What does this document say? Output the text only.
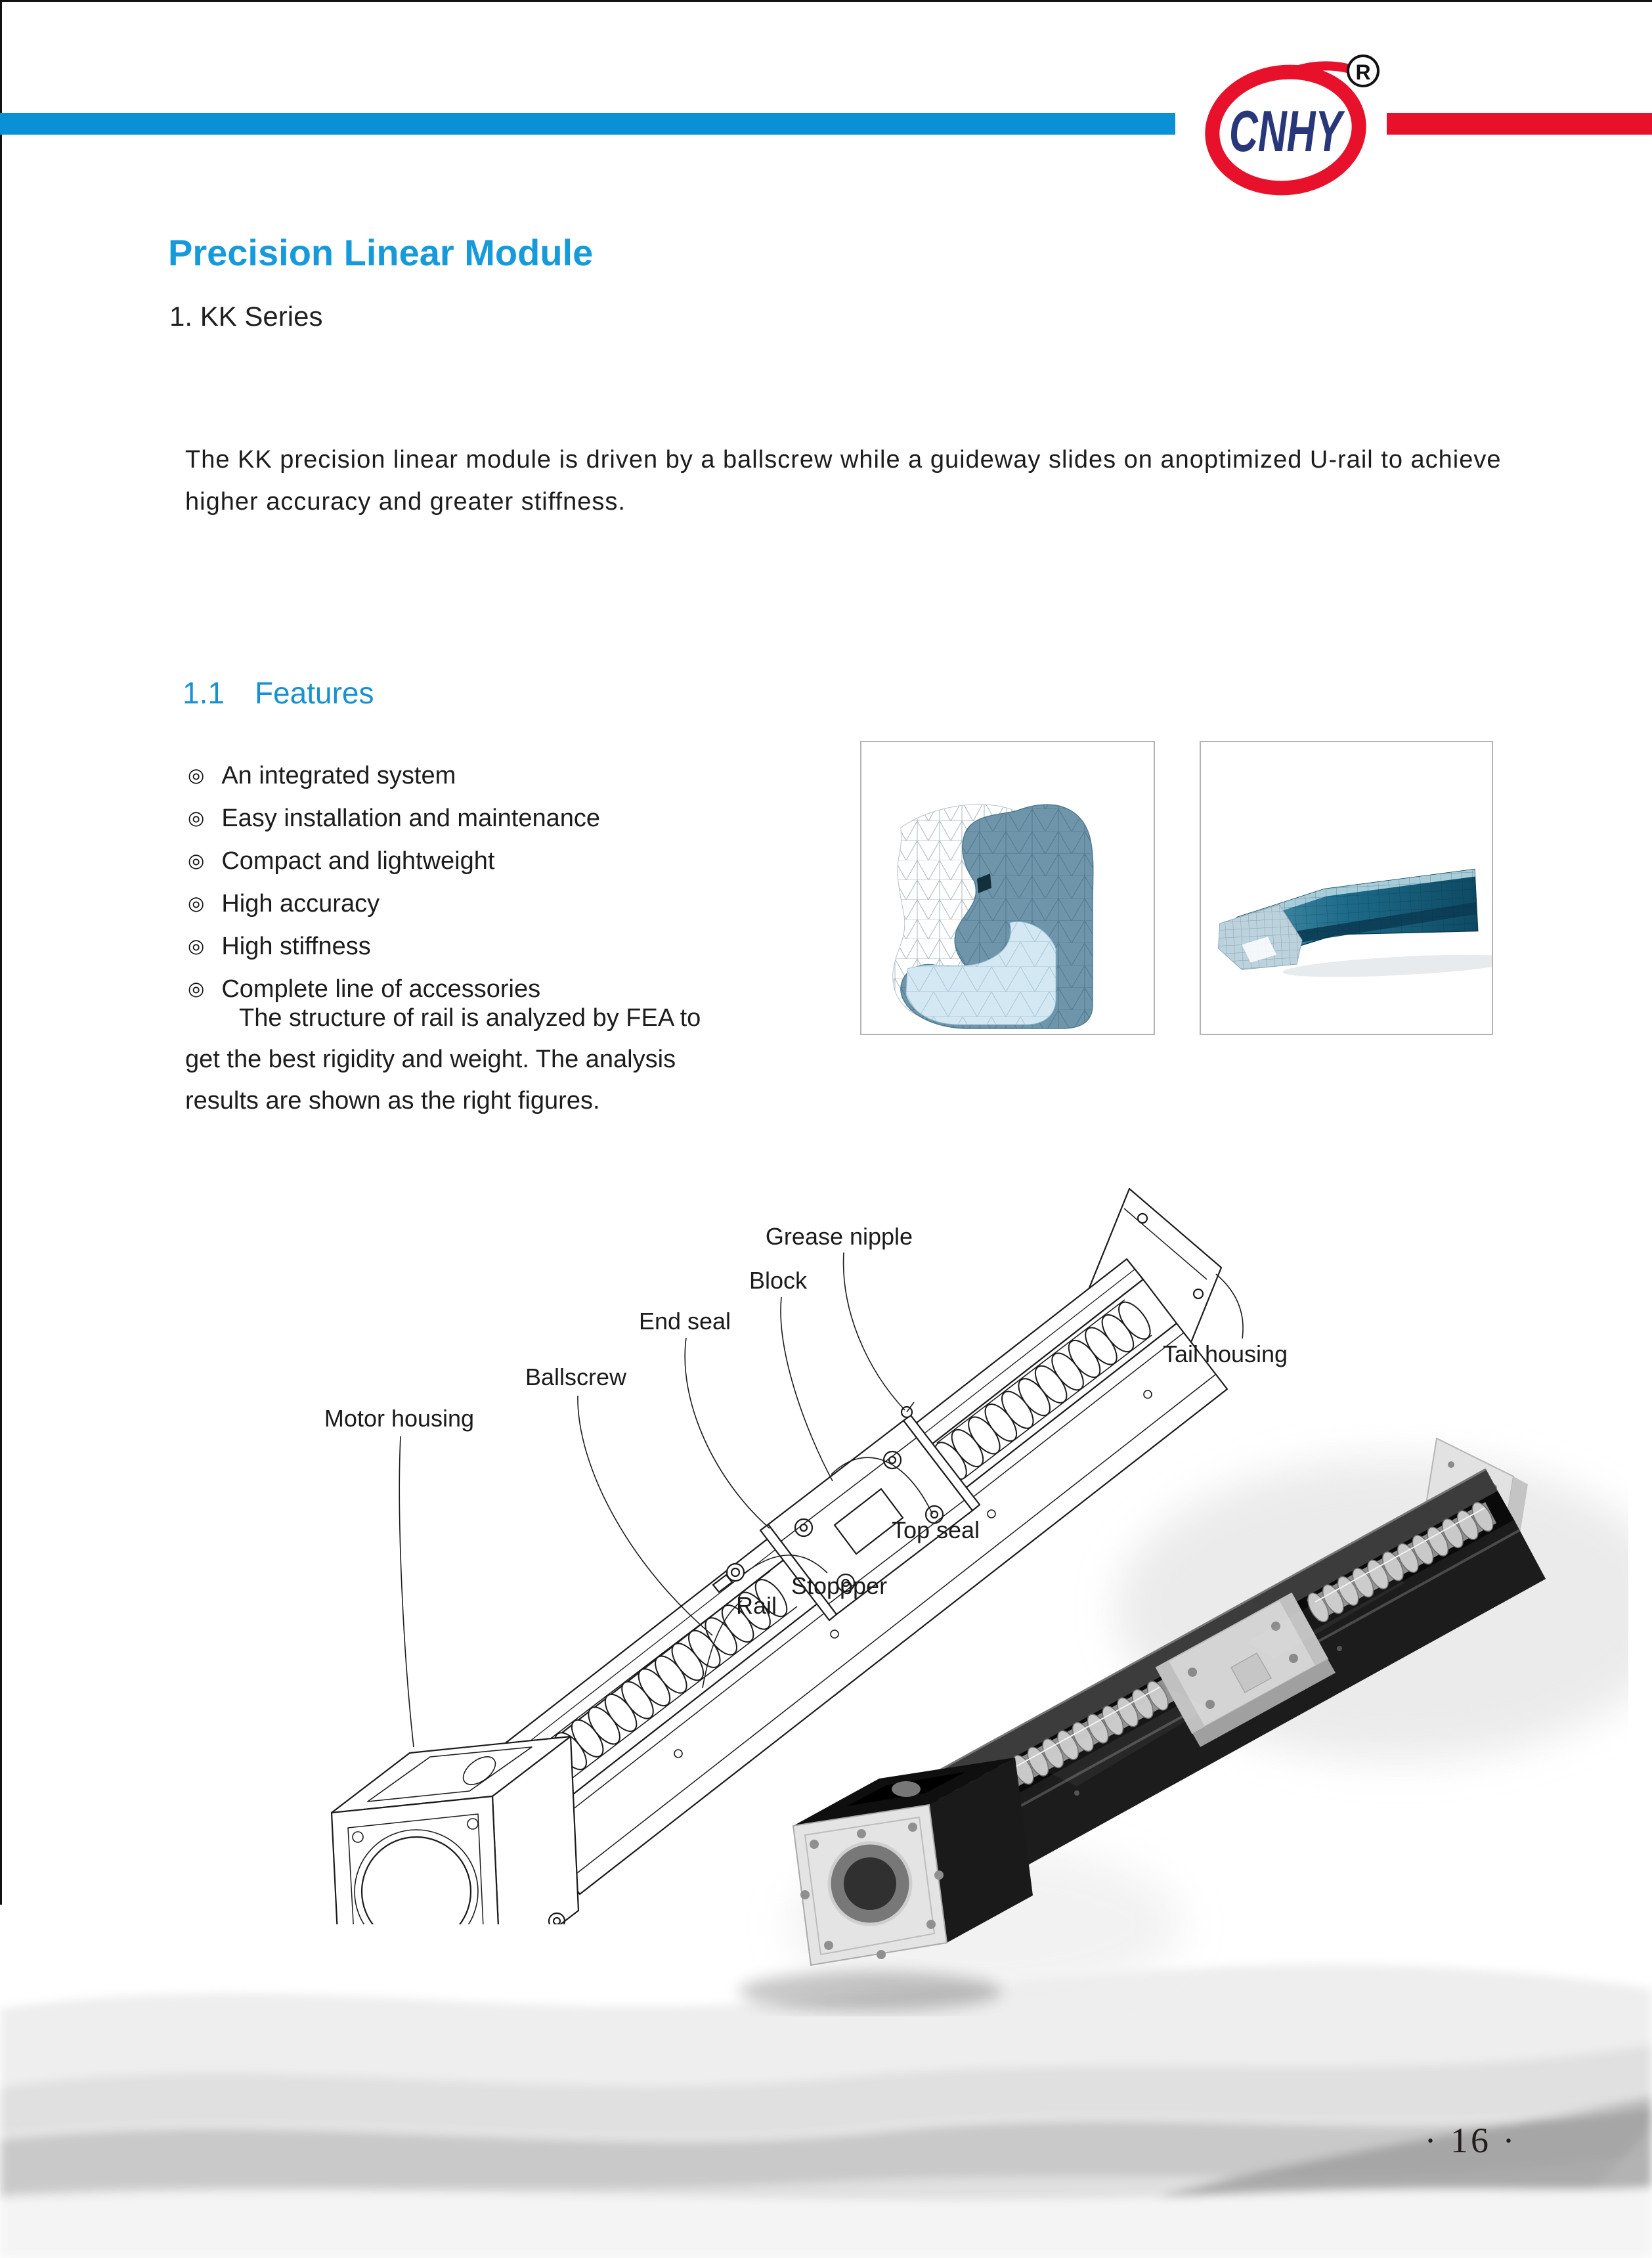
CNHY
R
Precision Linear Module
1. KK Series
The KK precision linear module is driven by a ballscrew while a guideway slides on anoptimized U-rail to achieve
higher accuracy and greater stiffness.
1.1 Features
◎ An integrated system
◎ Easy installation and maintenance
◎ Compact and lightweight
◎ High accuracy
◎ High stiffness
◎ Complete line of accessories
The structure of rail is analyzed by FEA to
get the best rigidity and weight. The analysis
results are shown as the right figures.
Grease nipple
Block
End seal
Ballscrew
Motor housing
Tail housing
Top seal
Stoppper
Rail
· 16 ·
